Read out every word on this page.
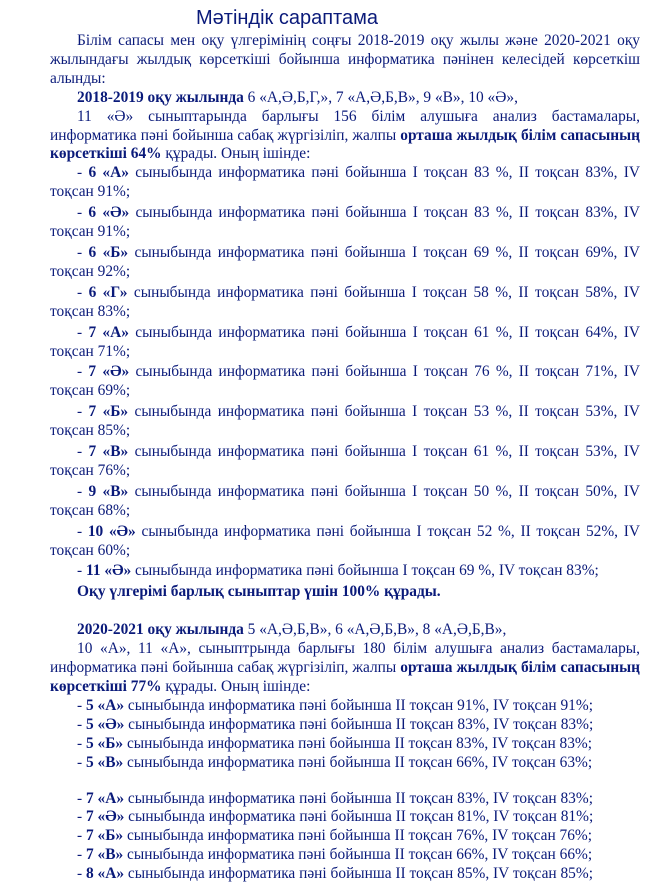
Мәтіндік сараптама

Білім сапасы мен оқу үлгерімінің соңғы 2018-2019 оқу жылы және 2020-2021 оқу жылындағы жылдық көрсеткіші бойынша информатика пәнінен келесідей көрсеткіш алынды:

2018-2019 оқу жылында 6 «А,Ә,Б,Г,», 7 «А,Ә,Б,В», 9 «В», 10 «Ә»,

11 «Ә» сыныптарында барлығы 156 білім алушыға анализ бастамалары, информатика пәні бойынша сабақ жүргізіліп, жалпы орташа жылдық білім сапасының көрсеткіші 64% құрады. Оның ішінде:

- 6 «А» сыныбында информатика пәні бойынша І тоқсан 83 %, ІІ тоқсан 83%, ІV тоқсан 91%;

- 6 «Ә» сыныбында информатика пәні бойынша І тоқсан 83 %, ІІ тоқсан 83%, ІV тоқсан 91%;

- 6 «Б» сыныбында информатика пәні бойынша І тоқсан 69 %, ІІ тоқсан 69%, ІV тоқсан 92%;

- 6 «Г» сыныбында информатика пәні бойынша І тоқсан 58 %, ІІ тоқсан 58%, ІV тоқсан 83%;

- 7 «А» сыныбында информатика пәні бойынша І тоқсан 61 %, ІІ тоқсан 64%, ІV тоқсан 71%;

- 7 «Ә» сыныбында информатика пәні бойынша І тоқсан 76 %, ІІ тоқсан 71%, ІV тоқсан 69%;

- 7 «Б» сыныбында информатика пәні бойынша І тоқсан 53 %, ІІ тоқсан 53%, ІV тоқсан 85%;

- 7 «В» сыныбында информатика пәні бойынша І тоқсан 61 %, ІІ тоқсан 53%, ІV тоқсан 76%;

- 9 «В» сыныбында информатика пәні бойынша І тоқсан 50 %, ІІ тоқсан 50%, ІV тоқсан 68%;

- 10 «Ә» сыныбында информатика пәні бойынша І тоқсан 52 %, ІІ тоқсан 52%, ІV тоқсан 60%;

- 11 «Ә» сыныбында информатика пәні бойынша І тоқсан 69 %, ІV тоқсан 83%;

Оқу үлгерімі барлық сыныптар үшін 100% құрады.

2020-2021 оқу жылында 5 «А,Ә,Б,В», 6 «А,Ә,Б,В», 8 «А,Ә,Б,В»,

10 «А», 11 «А», сыныптрында барлығы 180 білім алушыға анализ бастамалары, информатика пәні бойынша сабақ жүргізіліп, жалпы орташа жылдық білім сапасының көрсеткіші 77% құрады. Оның ішінде:

- 5 «А» сыныбында информатика пәні бойынша ІІ тоқсан 91%, ІV тоқсан 91%;

- 5 «Ә» сыныбында информатика пәні бойынша ІІ тоқсан 83%, ІV тоқсан 83%;

- 5 «Б» сыныбында информатика пәні бойынша ІІ тоқсан 83%, ІV тоқсан 83%;

- 5 «В» сыныбында информатика пәні бойынша ІІ тоқсан 66%, ІV тоқсан 63%;

- 7 «А» сыныбында информатика пәні бойынша ІІ тоқсан 83%, ІV тоқсан 83%;

- 7 «Ә» сыныбында информатика пәні бойынша ІІ тоқсан 81%, ІV тоқсан 81%;

- 7 «Б» сыныбында информатика пәні бойынша ІІ тоқсан 76%, ІV тоқсан 76%;

- 7 «В» сыныбында информатика пәні бойынша ІІ тоқсан 66%, ІV тоқсан 66%;

- 8 «А» сыныбында информатика пәні бойынша ІІ тоқсан 85%, ІV тоқсан 85%;
